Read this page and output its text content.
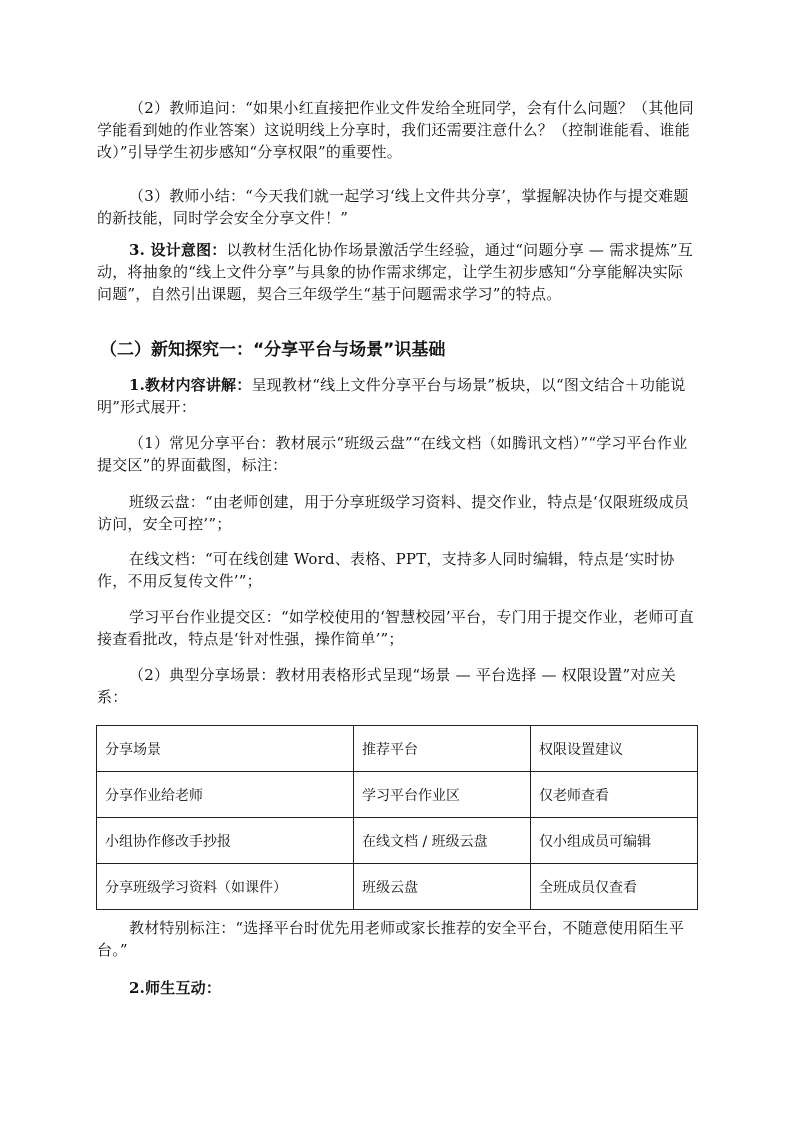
（2）教师追问：“如果小红直接把作业文件发给全班同学，会有什么问题？（其他同学能看到她的作业答案）这说明线上分享时，我们还需要注意什么？（控制谁能看、谁能改）”引导学生初步感知“分享权限”的重要性。

（3）教师小结：“今天我们就一起学习‘线上文件共分享’，掌握解决协作与提交难题的新技能，同时学会安全分享文件！”

3. 设计意图：以教材生活化协作场景激活学生经验，通过“问题分享 — 需求提炼”互动，将抽象的“线上文件分享”与具象的协作需求绑定，让学生初步感知“分享能解决实际问题”，自然引出课题，契合三年级学生“基于问题需求学习”的特点。

（二）新知探究一：“分享平台与场景”识基础

1.教材内容讲解：呈现教材“线上文件分享平台与场景”板块，以“图文结合＋功能说明”形式展开：

（1）常见分享平台：教材展示“班级云盘”“在线文档（如腾讯文档）”“学习平台作业提交区”的界面截图，标注：

班级云盘：“由老师创建，用于分享班级学习资料、提交作业，特点是‘仅限班级成员访问，安全可控’”；

在线文档：“可在线创建 Word、表格、PPT，支持多人同时编辑，特点是‘实时协作，不用反复传文件’”；

学习平台作业提交区：“如学校使用的‘智慧校园’平台，专门用于提交作业，老师可直接查看批改，特点是‘针对性强，操作简单’”；

（2）典型分享场景：教材用表格形式呈现“场景 — 平台选择 — 权限设置”对应关系：

分享场景	推荐平台	权限设置建议
分享作业给老师	学习平台作业区	仅老师查看
小组协作修改手抄报	在线文档 / 班级云盘	仅小组成员可编辑
分享班级学习资料（如课件）	班级云盘	全班成员仅查看

教材特别标注：“选择平台时优先用老师或家长推荐的安全平台，不随意使用陌生平台。”

2.师生互动：
